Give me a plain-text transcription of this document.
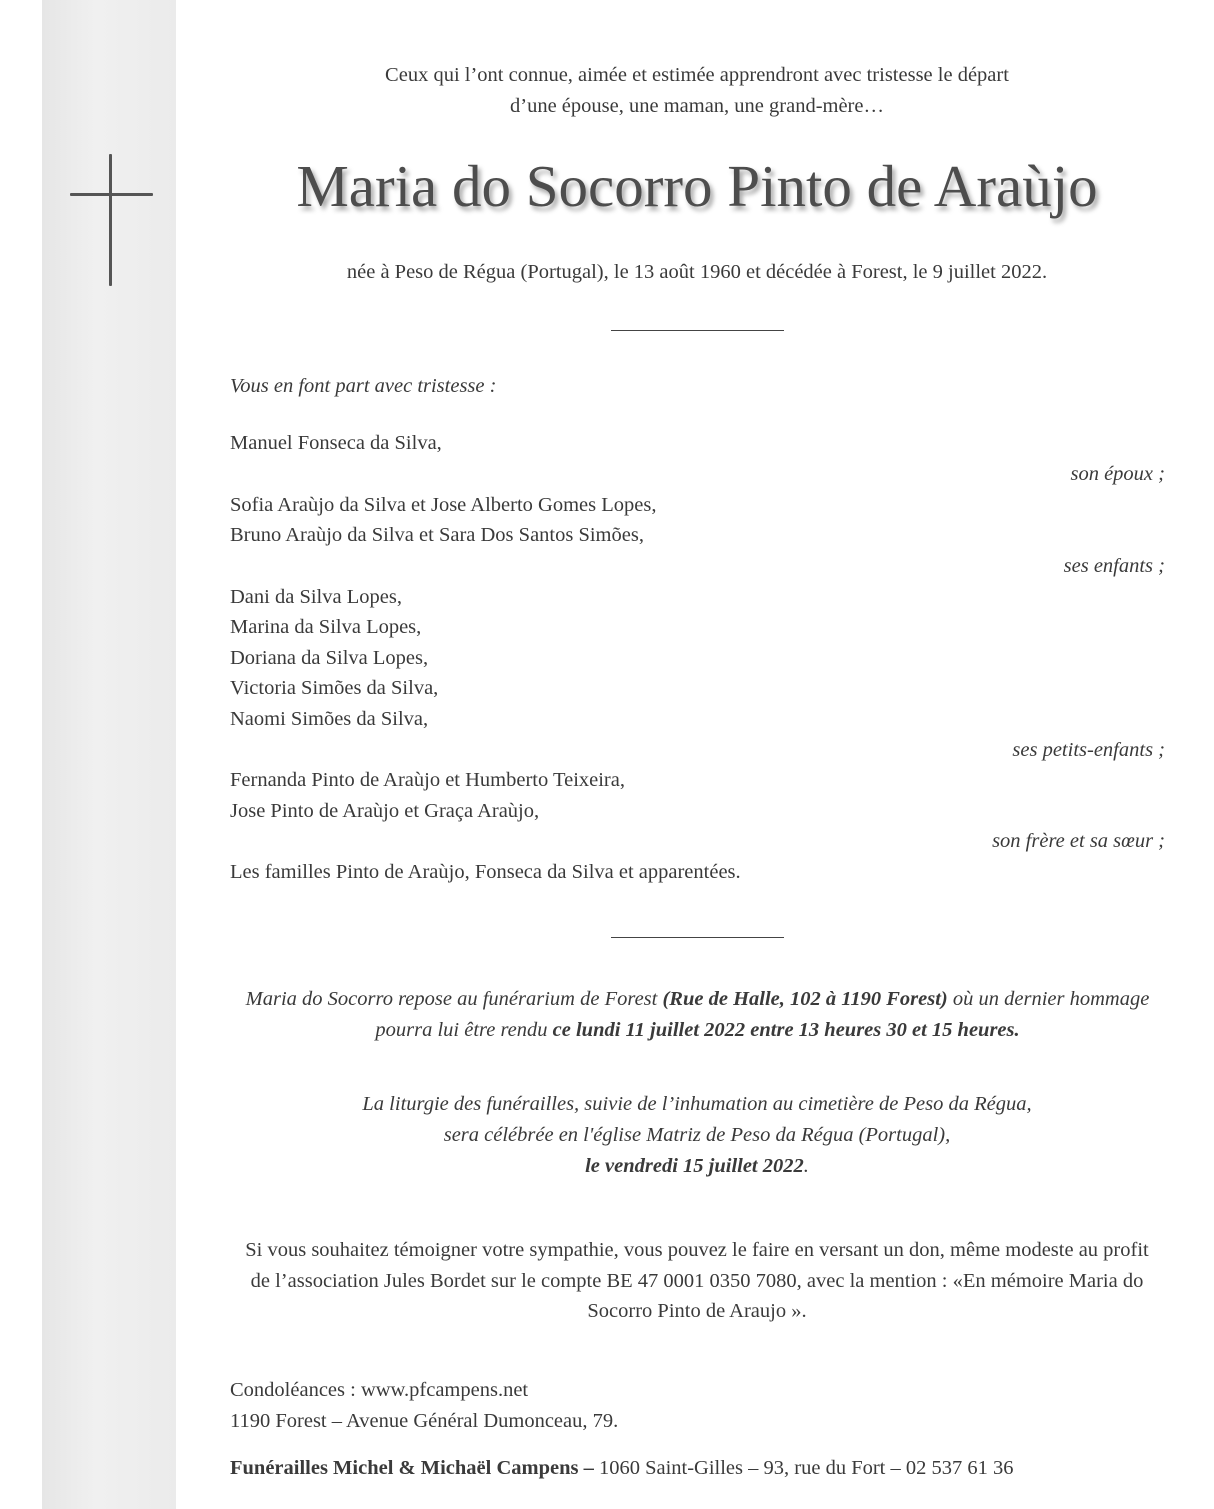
Ceux qui l’ont connue, aimée et estimée apprendront avec tristesse le départ
d’une épouse, une maman, une grand-mère…
Maria do Socorro Pinto de Araùjo
née à Peso de Régua (Portugal), le 13 août 1960 et décédée à Forest, le 9 juillet 2022.
Vous en font part avec tristesse :
Manuel Fonseca da Silva,
son époux ;
Sofia Araùjo da Silva et Jose Alberto Gomes Lopes,
Bruno Araùjo da Silva et Sara Dos Santos Simões,
ses enfants ;
Dani da Silva Lopes,
Marina da Silva Lopes,
Doriana da Silva Lopes,
Victoria Simões da Silva,
Naomi Simões da Silva,
ses petits-enfants ;
Fernanda Pinto de Araùjo et Humberto Teixeira,
Jose Pinto de Araùjo et Graça Araùjo,
son frère et sa sœur ;
Les familles Pinto de Araùjo, Fonseca da Silva et apparentées.
Maria do Socorro repose au funérarium de Forest (Rue de Halle, 102 à 1190 Forest) où un dernier hommage pourra lui être rendu ce lundi 11 juillet 2022 entre 13 heures 30 et 15 heures.
La liturgie des funérailles, suivie de l’inhumation au cimetière de Peso da Régua,
sera célébrée en l'église Matriz de Peso da Régua (Portugal),
le vendredi 15 juillet 2022.
Si vous souhaitez témoigner votre sympathie, vous pouvez le faire en versant un don, même modeste au profit de l’association Jules Bordet sur le compte BE 47 0001 0350 7080, avec la mention : «En mémoire Maria do Socorro Pinto de Araujo ».
Condoléances : www.pfcampens.net
1190 Forest – Avenue Général Dumonceau, 79.
Funérailles Michel & Michaël Campens – 1060 Saint-Gilles – 93, rue du Fort – 02 537 61 36
